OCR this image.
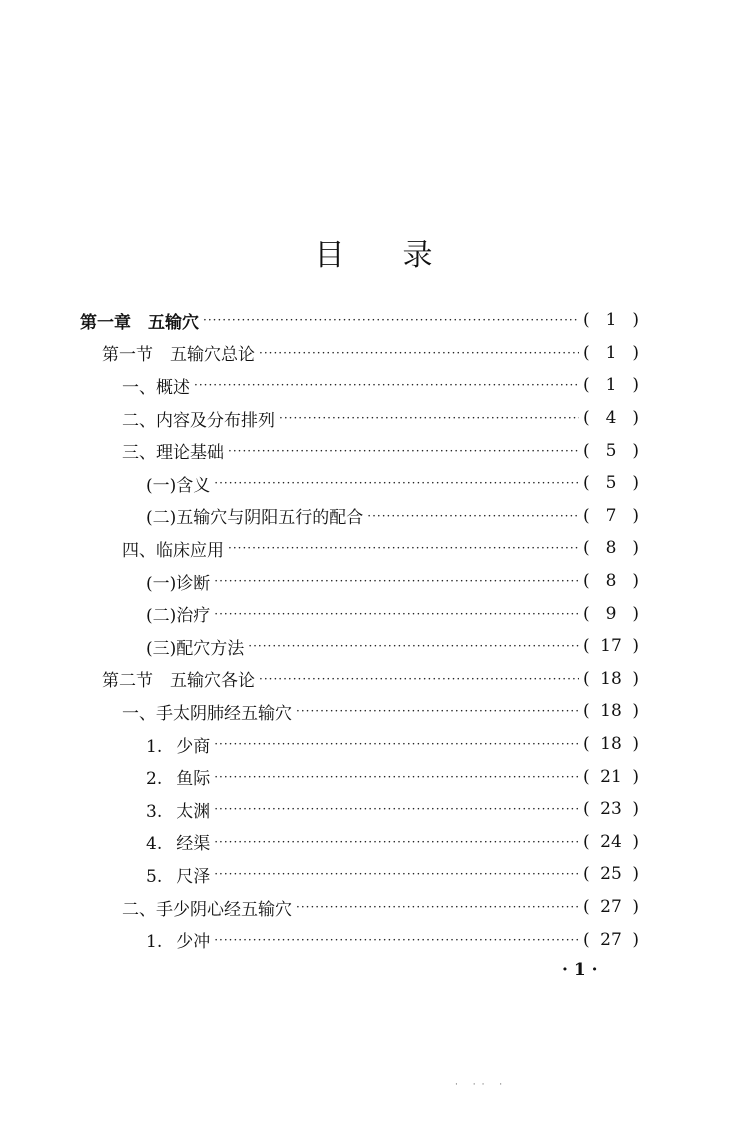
目录
第一章　五输穴 ·····	( 1 )
第一节　五输穴总论 ·····	( 1 )
一、概述 ·····	( 1 )
二、内容及分布排列 ·····	( 4 )
三、理论基础 ·····	( 5 )
(一)含义 ·····	( 5 )
(二)五输穴与阴阳五行的配合 ·····	( 7 )
四、临床应用 ·····	( 8 )
(一)诊断 ·····	( 8 )
(二)治疗 ·····	( 9 )
(三)配穴方法 ·····	( 17 )
第二节　五输穴各论 ·····	( 18 )
一、手太阴肺经五输穴 ·····	( 18 )
1. 少商 ·····	( 18 )
2. 鱼际 ·····	( 21 )
3. 太渊 ·····	( 23 )
4. 经渠 ·····	( 24 )
5. 尺泽 ·····	( 25 )
二、手少阴心经五输穴 ·····	( 27 )
1. 少冲 ·····	( 27 )
· 1 ·
· ·· ·
